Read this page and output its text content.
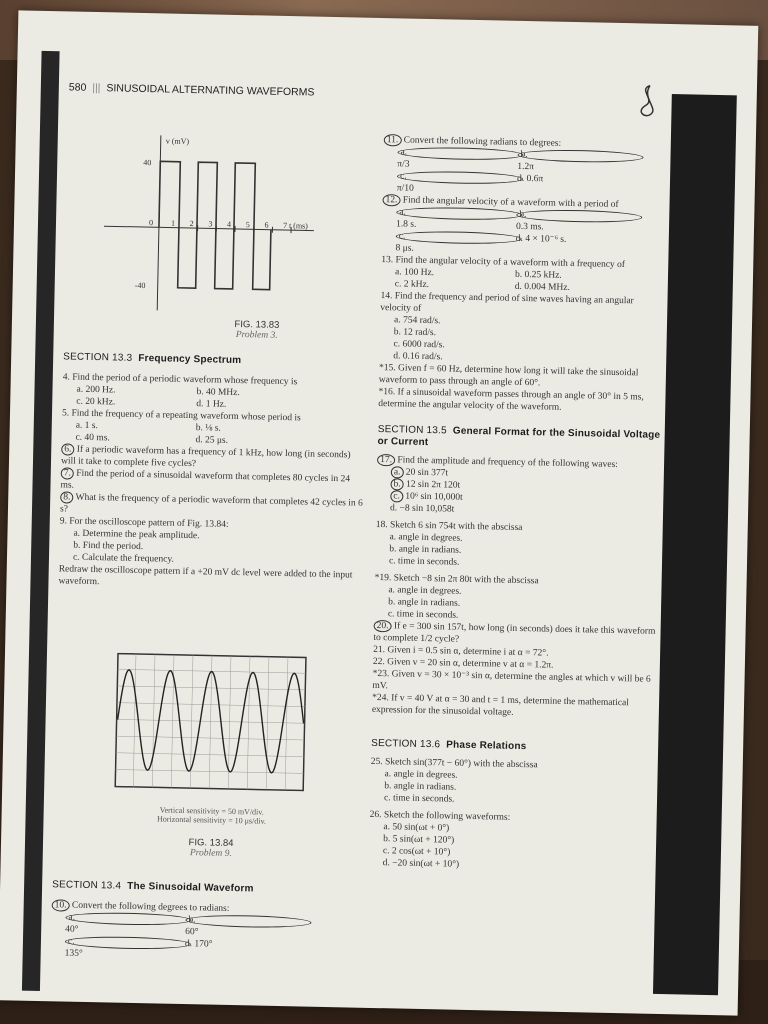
580 ||| SINUSOIDAL ALTERNATING WAVEFORMS
v (mV)
40
-40
0 1 2 3 4 5 6 7 t (ms)
FIG. 13.83
Problem 3.
SECTION 13.3 Frequency Spectrum

4. Find the period of a periodic waveform whose frequency is

a. 200 Hz.	b. 40 MHz.
c. 20 kHz.	d. 1 Hz.

5. Find the frequency of a repeating waveform whose period is

a. 1 s.	b. ⅛ s.
c. 40 ms.	d. 25 μs.

6. If a periodic waveform has a frequency of 1 kHz, how long (in seconds) will it take to complete five cycles?

7. Find the period of a sinusoidal waveform that completes 80 cycles in 24 ms.

8. What is the frequency of a periodic waveform that completes 42 cycles in 6 s?

9. For the oscilloscope pattern of Fig. 13.84:

a. Determine the peak amplitude.
b. Find the period.
c. Calculate the frequency.
Redraw the oscilloscope pattern if a +20 mV dc level were added to the input waveform.
Vertical sensitivity = 50 mV/div.
Horizontal sensitivity = 10 μs/div.
FIG. 13.84
Problem 9.
SECTION 13.4 The Sinusoidal Waveform

10. Convert the following degrees to radians:

a. 40°
b. 60°
c. 135°
d. 170°

11. Convert the following radians to degrees:

a. π/3
b. 1.2π
c. π/10
d. 0.6π

12. Find the angular velocity of a waveform with a period of

a. 1.8 s.
b. 0.3 ms.
c. 8 μs.
d. 4 × 10⁻⁶ s.

13. Find the angular velocity of a waveform with a frequency of

a. 100 Hz.	b. 0.25 kHz.
c. 2 kHz.	d. 0.004 MHz.

14. Find the frequency and period of sine waves having an angular velocity of

a. 754 rad/s.
b. 12 rad/s.
c. 6000 rad/s.
d. 0.16 rad/s.

*15. Given f = 60 Hz, determine how long it will take the sinusoidal waveform to pass through an angle of 60°.

*16. If a sinusoidal waveform passes through an angle of 30° in 5 ms, determine the angular velocity of the waveform.

SECTION 13.5 General Format for the Sinusoidal Voltage or Current

17. Find the amplitude and frequency of the following waves:

a. 20 sin 377t
b. 12 sin 2π 120t
c. 10⁶ sin 10,000t
d. −8 sin 10,058t

18. Sketch 6 sin 754t with the abscissa

a. angle in degrees.
b. angle in radians.
c. time in seconds.

*19. Sketch −8 sin 2π 80t with the abscissa

a. angle in degrees.
b. angle in radians.
c. time in seconds.

20. If e = 300 sin 157t, how long (in seconds) does it take this waveform to complete 1/2 cycle?

21. Given i = 0.5 sin α, determine i at α = 72°.

22. Given v = 20 sin α, determine v at α = 1.2π.

*23. Given v = 30 × 10⁻³ sin α, determine the angles at which v will be 6 mV.

*24. If v = 40 V at α = 30 and t = 1 ms, determine the mathematical expression for the sinusoidal voltage.

SECTION 13.6 Phase Relations

25. Sketch sin(377t − 60°) with the abscissa

a. angle in degrees.
b. angle in radians.
c. time in seconds.

26. Sketch the following waveforms:

a. 50 sin(ωt + 0°)
b. 5 sin(ωt + 120°)
c. 2 cos(ωt + 10°)
d. −20 sin(ωt + 10°)
